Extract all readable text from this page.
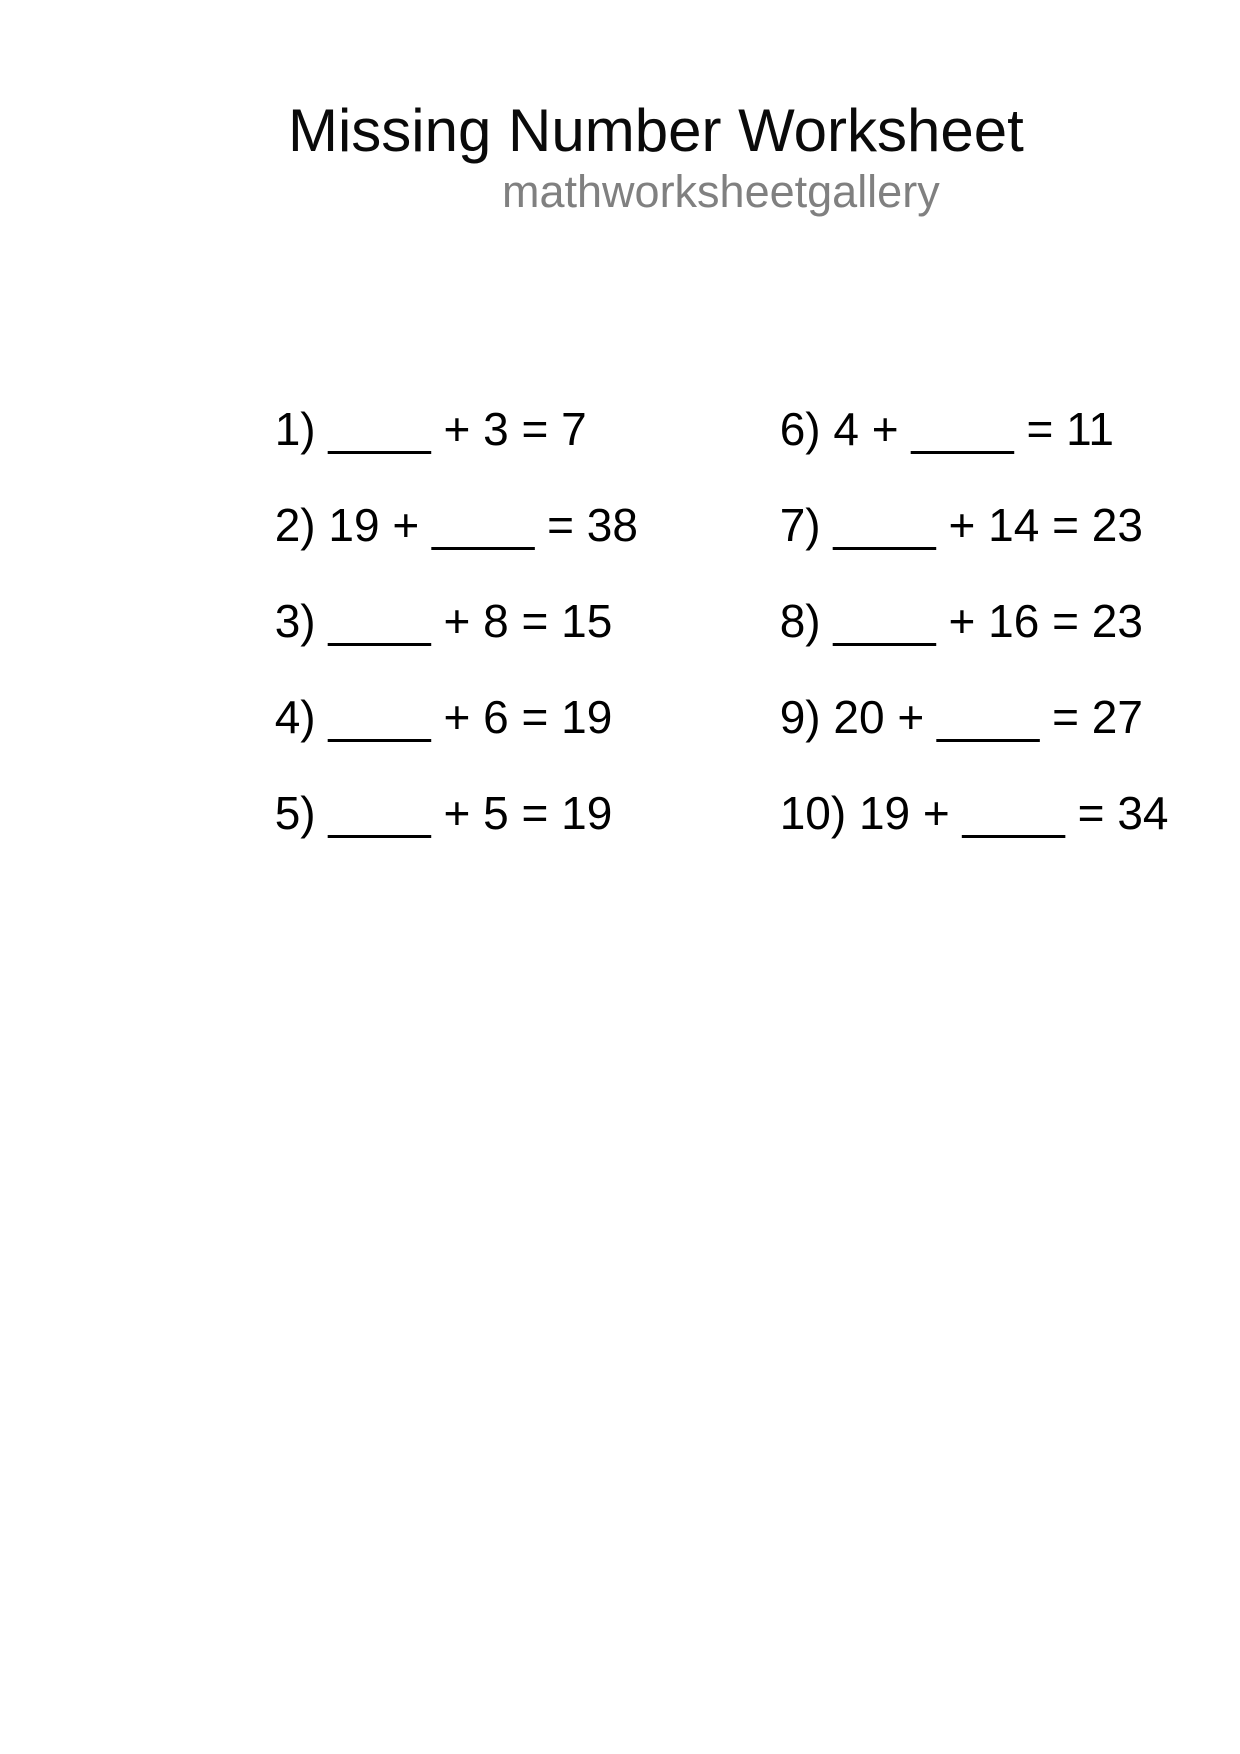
Missing Number Worksheet
mathworksheetgallery

1) ____ + 3 = 7

2) 19 + ____ = 38

3) ____ + 8 = 15

4) ____ + 6 = 19

5) ____ + 5 = 19

6) 4 + ____ = 11

7) ____ + 14 = 23

8) ____ + 16 = 23

9) 20 + ____ = 27

10) 19 + ____ = 34
